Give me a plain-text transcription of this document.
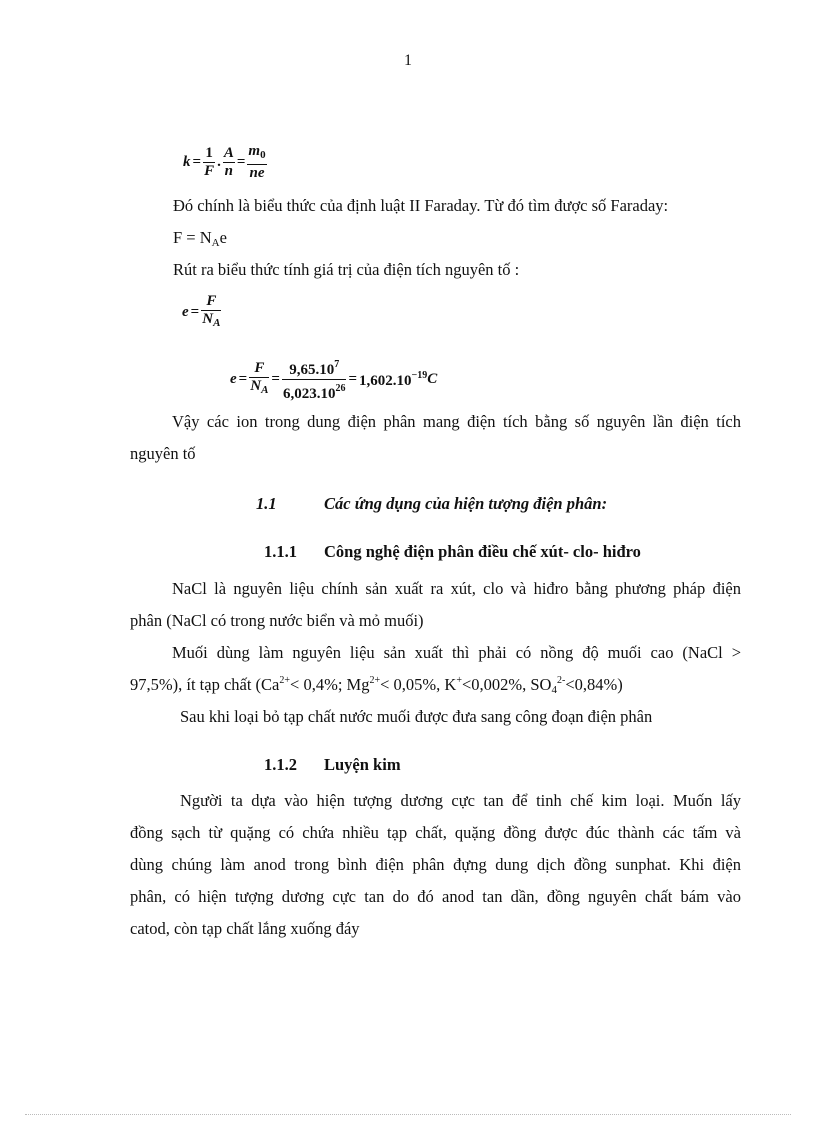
1
$k = \frac{1}{F}$ . $\frac{A}{n} = \frac{m_0}{ne}$
Đó chính là biểu thức của định luật II Faraday. Từ đó tìm được số Faraday:
$F = N_Ae$
Rút ra biểu thức tính giá trị của điện tích nguyên tố :
$e = \frac{F}{N_A}$
$e = \frac{F}{N_A} = \frac{9,65.10^7}{6,023.10^{26}} = 1,602.10^{-19}C$
Vậy các ion trong dung điện phân mang điện tích bằng số nguyên lần điện tích
nguyên tố
1.1	Các ứng dụng của hiện tượng điện phân:
1.1.1 Công nghệ điện phân điều chế xút- clo- hiđro
NaCl là nguyên liệu chính sản xuất ra xút, clo và hiđro bằng phương pháp điện
phân (NaCl có trong nước biển và mỏ muối)
Muối dùng làm nguyên liệu sản xuất thì phải có nồng độ muối cao (NaCl >
97,5%), ít tạp chất ($Ca^{2+}< 0,4\%$; $Mg^{2+}< 0,05\%$, K+<0,002%, $SO_4^{2-}<0,84\%$)
Sau khi loại bỏ tạp chất nước muối được đưa sang công đoạn điện phân
1.1.2 Luyện kim
Người ta dựa vào hiện tượng dương cực tan để tinh chế kim loại. Muốn lấy
đồng sạch từ quặng có chứa nhiều tạp chất, quặng đồng được đúc thành các tấm và
dùng chúng làm anod trong bình điện phân đựng dung dịch đồng sunphat. Khi điện
phân, có hiện tượng dương cực tan do đó anod tan dần, đồng nguyên chất bám vào
catod, còn tạp chất lắng xuống đáy
